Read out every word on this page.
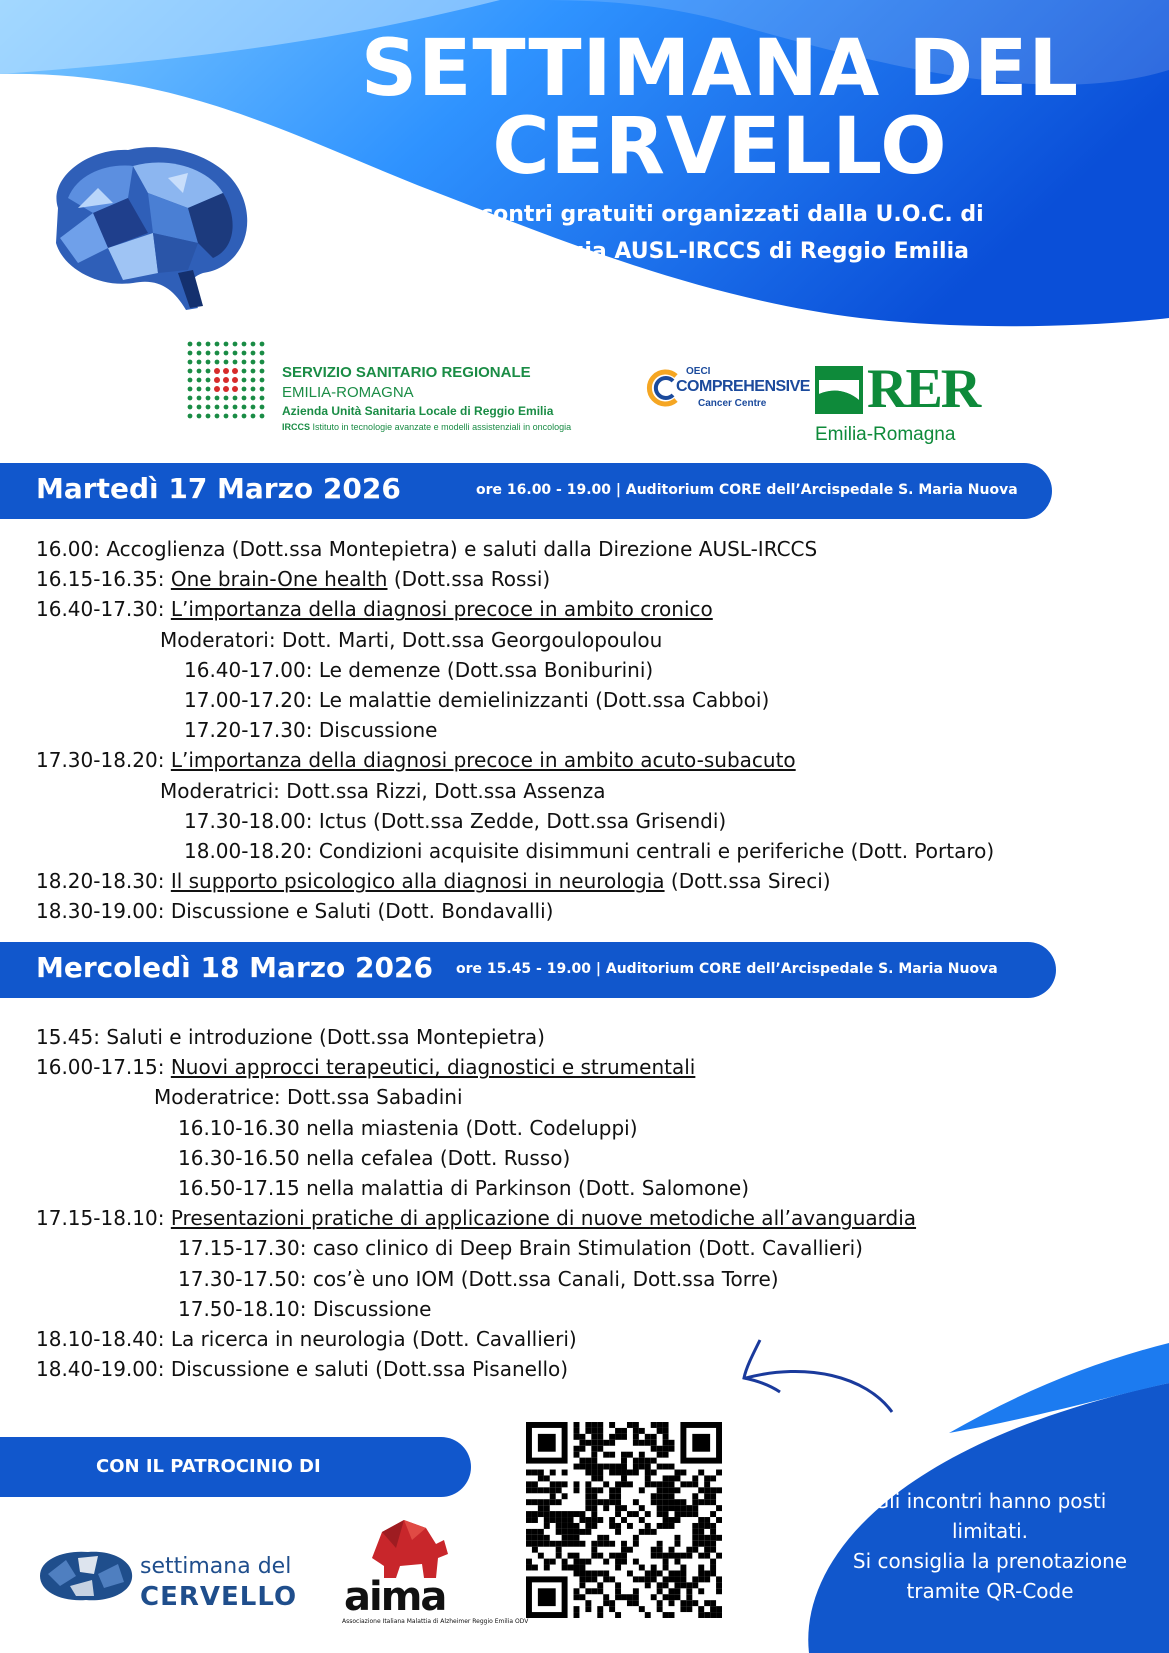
SETTIMANA DEL
CERVELLO
Incontri gratuiti organizzati dalla U.O.C. di
Neurologia AUSL-IRCCS di Reggio Emilia
SERVIZIO SANITARIO REGIONALE
EMILIA-ROMAGNA
Azienda Unità Sanitaria Locale di Reggio Emilia
IRCCS Istituto in tecnologie avanzate e modelli assistenziali in oncologia
OECI
COMPREHENSIVE
Cancer Centre RER
Emilia-Romagna
Martedì 17 Marzo 2026	ore 16.00 - 19.00 | Auditorium CORE dell’Arcispedale S. Maria Nuova
16.00: Accoglienza (Dott.ssa Montepietra) e saluti dalla Direzione AUSL-IRCCS
16.15-16.35: One brain-One health (Dott.ssa Rossi)
16.40-17.30: L’importanza della diagnosi precoce in ambito cronico
Moderatori: Dott. Marti, Dott.ssa Georgoulopoulou
16.40-17.00: Le demenze (Dott.ssa Boniburini)
17.00-17.20: Le malattie demielinizzanti (Dott.ssa Cabboi)
17.20-17.30: Discussione
17.30-18.20: L’importanza della diagnosi precoce in ambito acuto-subacuto
Moderatrici: Dott.ssa Rizzi, Dott.ssa Assenza
17.30-18.00: Ictus (Dott.ssa Zedde, Dott.ssa Grisendi)
18.00-18.20: Condizioni acquisite disimmuni centrali e periferiche (Dott. Portaro)
18.20-18.30: Il supporto psicologico alla diagnosi in neurologia (Dott.ssa Sireci)
18.30-19.00: Discussione e Saluti (Dott. Bondavalli)
Mercoledì 18 Marzo 2026 ore 15.45 - 19.00 | Auditorium CORE dell’Arcispedale S. Maria Nuova
15.45: Saluti e introduzione (Dott.ssa Montepietra)
16.00-17.15: Nuovi approcci terapeutici, diagnostici e strumentali
Moderatrice: Dott.ssa Sabadini
16.10-16.30 nella miastenia (Dott. Codeluppi)
16.30-16.50 nella cefalea (Dott. Russo)
16.50-17.15 nella malattia di Parkinson (Dott. Salomone)
17.15-18.10: Presentazioni pratiche di applicazione di nuove metodiche all’avanguardia
17.15-17.30: caso clinico di Deep Brain Stimulation (Dott. Cavallieri)
17.30-17.50: cos’è uno IOM (Dott.ssa Canali, Dott.ssa Torre)
17.50-18.10: Discussione
18.10-18.40: La ricerca in neurologia (Dott. Cavallieri)
18.40-19.00: Discussione e saluti (Dott.ssa Pisanello)
CON IL PATROCINIO DI
settimana del
CERVELLO aima
Associazione Italiana Malattia di Alzheimer Reggio Emilia ODV
Gli incontri hanno posti
limitati.
Si consiglia la prenotazione
tramite QR-Code
